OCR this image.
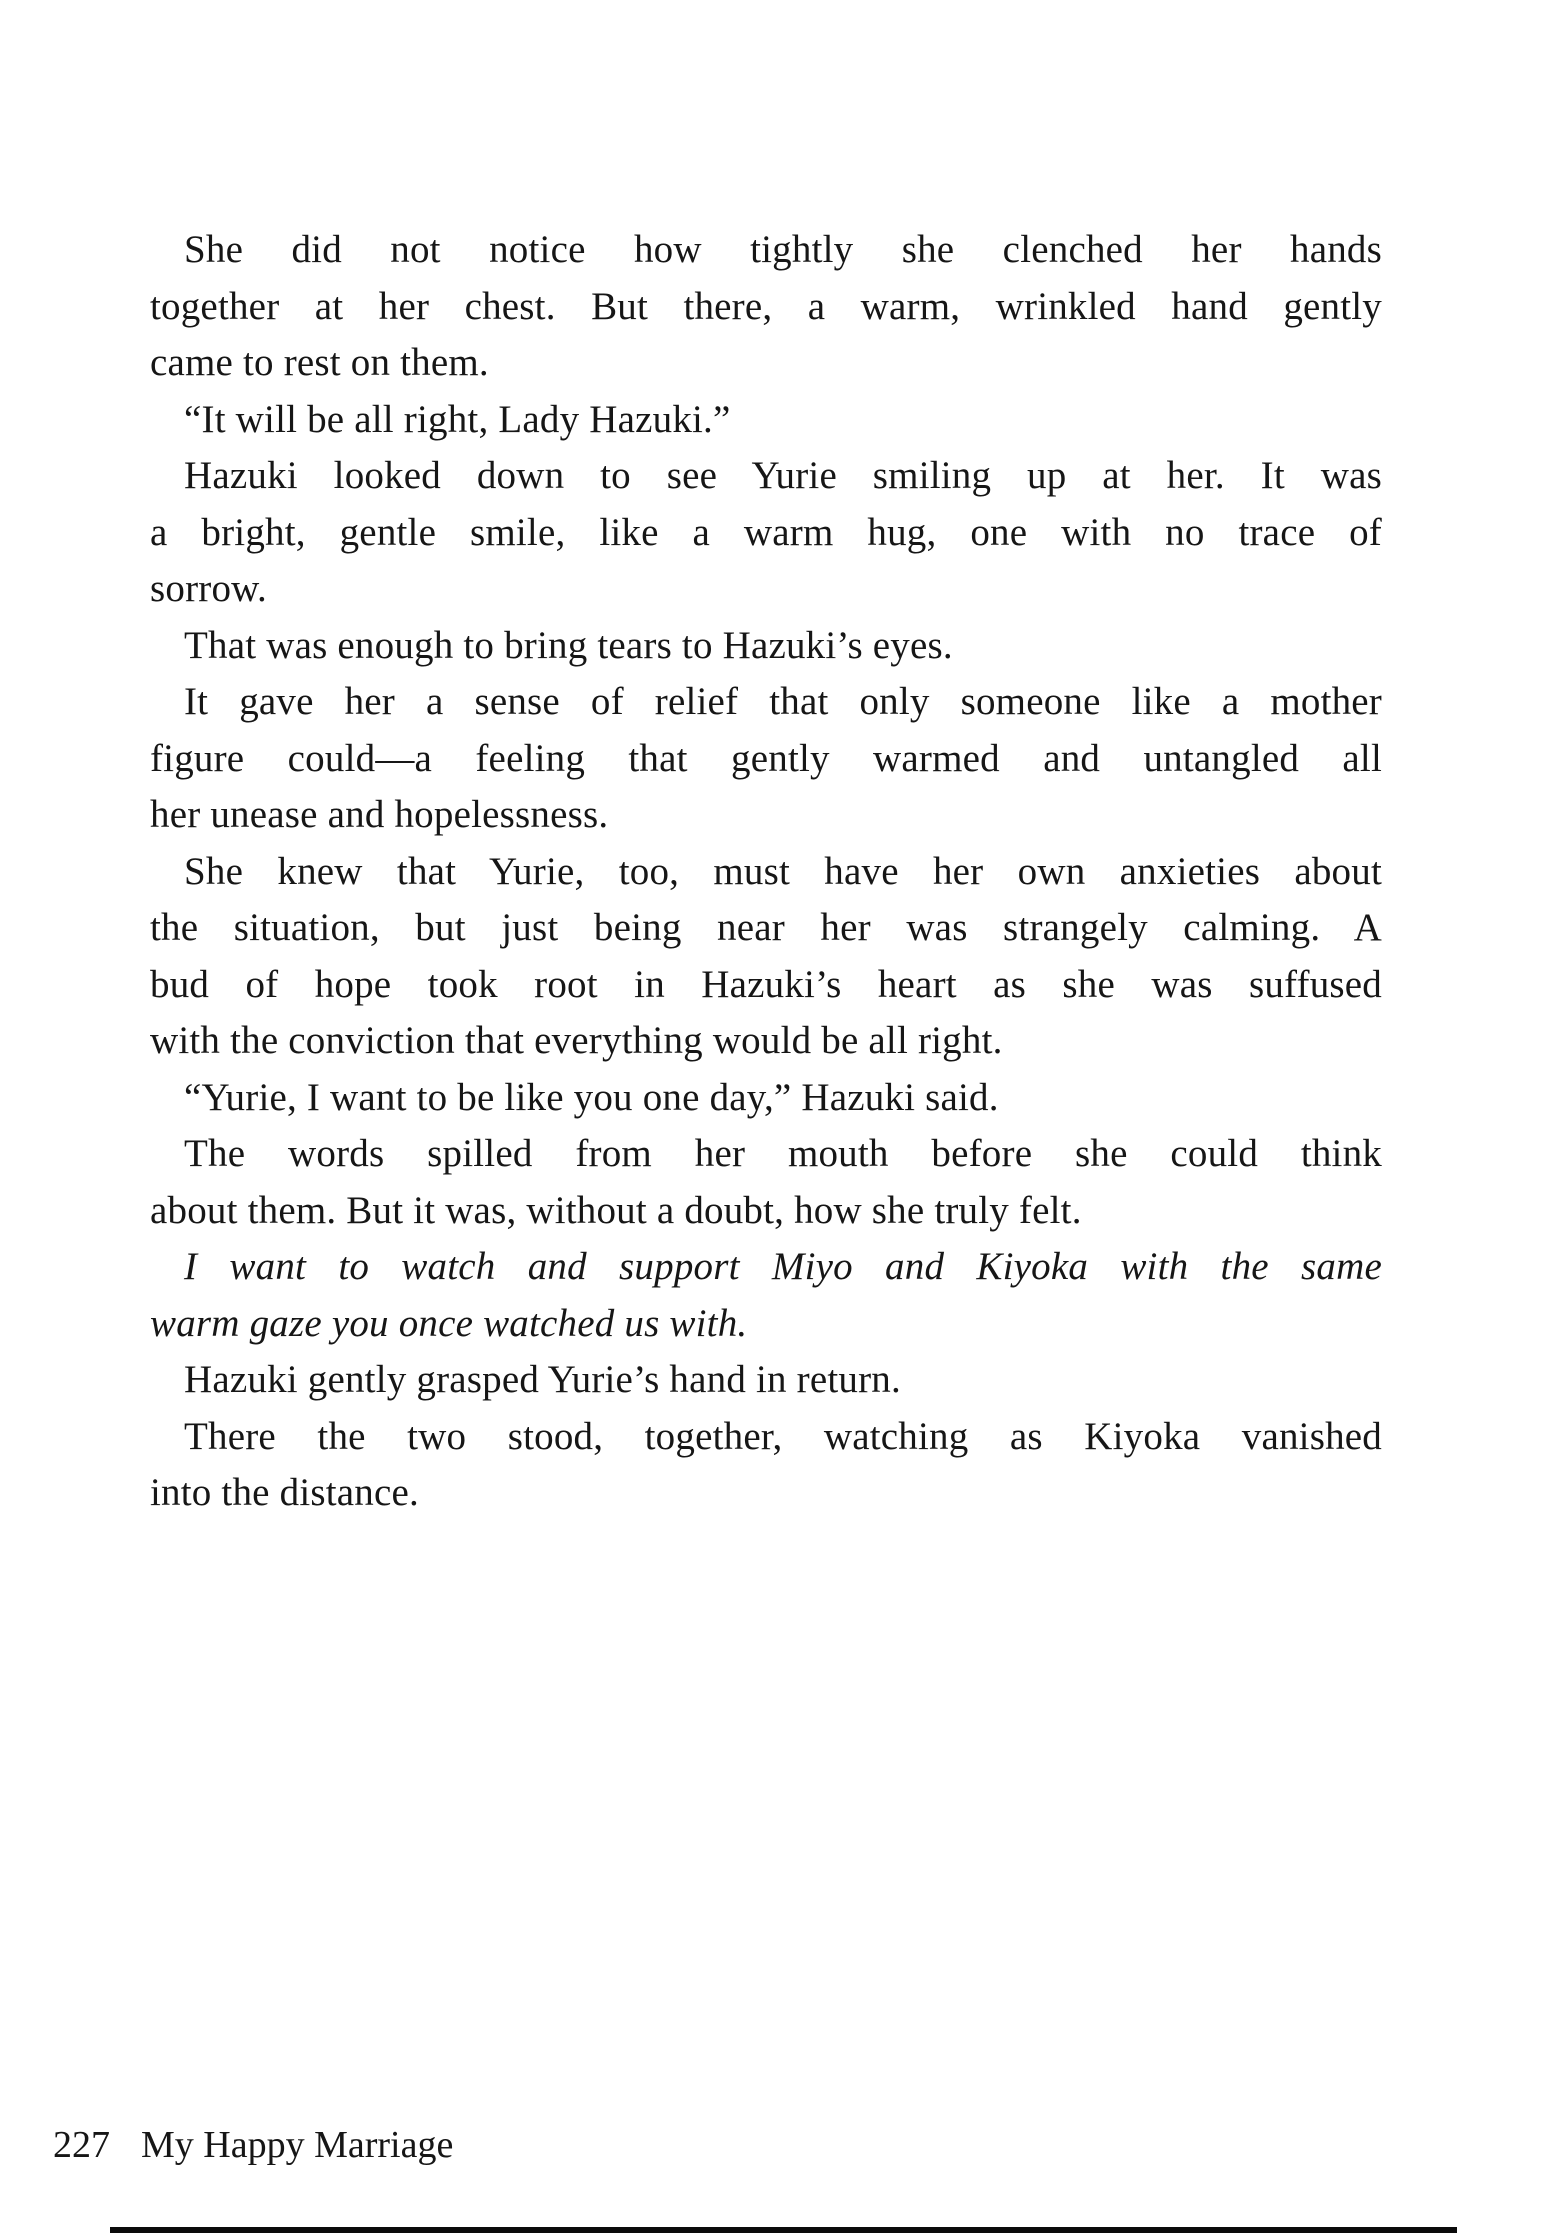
She did not notice how tightly she clenched her hands
together at her chest. But there, a warm, wrinkled hand gently
came to rest on them.
“It will be all right, Lady Hazuki.”
Hazuki looked down to see Yurie smiling up at her. It was
a bright, gentle smile, like a warm hug, one with no trace of
sorrow.
That was enough to bring tears to Hazuki’s eyes.
It gave her a sense of relief that only someone like a mother
figure could—a feeling that gently warmed and untangled all
her unease and hopelessness.
She knew that Yurie, too, must have her own anxieties about
the situation, but just being near her was strangely calming. A
bud of hope took root in Hazuki’s heart as she was suffused
with the conviction that everything would be all right.
“Yurie, I want to be like you one day,” Hazuki said.
The words spilled from her mouth before she could think
about them. But it was, without a doubt, how she truly felt.
I want to watch and support Miyo and Kiyoka with the same
warm gaze you once watched us with.
Hazuki gently grasped Yurie’s hand in return.
There the two stood, together, watching as Kiyoka vanished
into the distance.
227 My Happy Marriage
